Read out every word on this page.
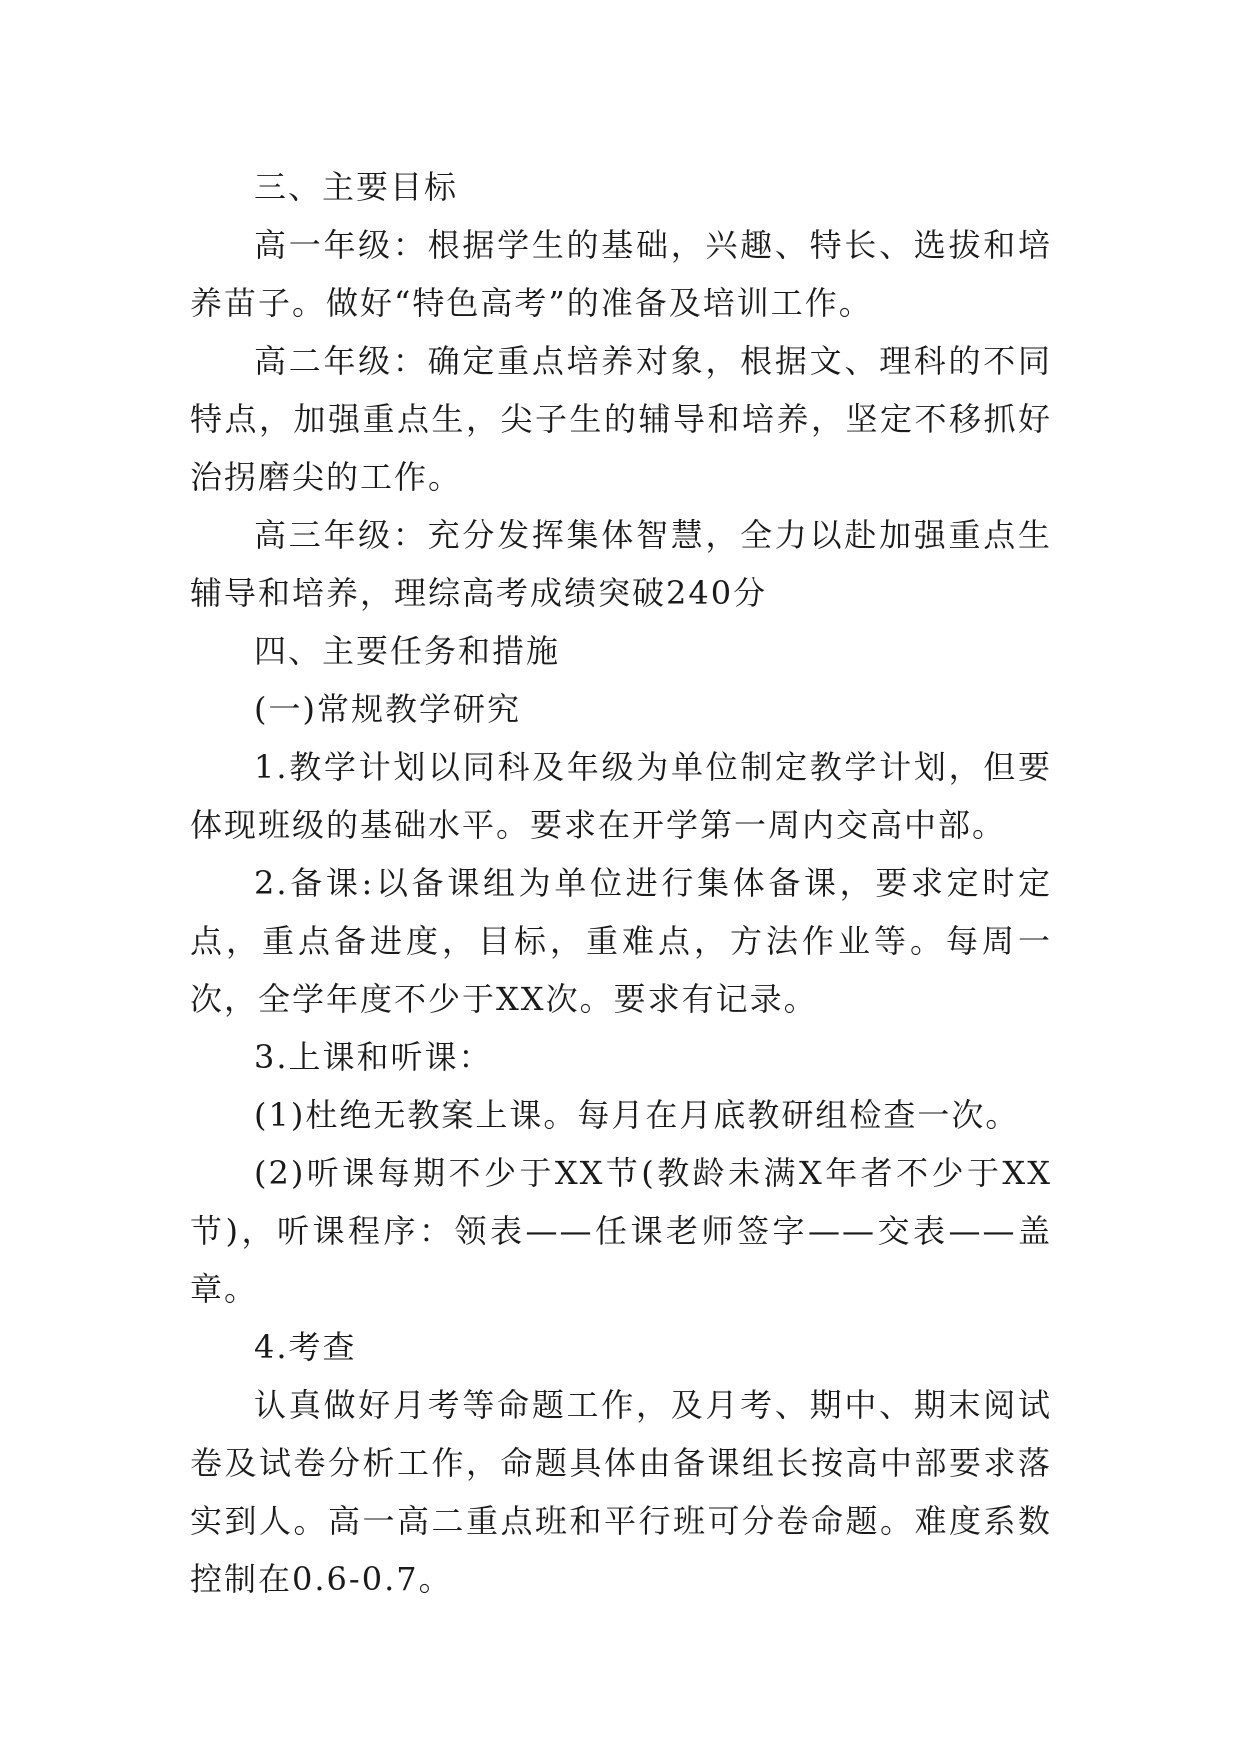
三、主要目标

高一年级：根据学生的基础，兴趣、特长、选拔和培养苗子。做好“特色高考”的准备及培训工作。

高二年级：确定重点培养对象，根据文、理科的不同特点，加强重点生，尖子生的辅导和培养，坚定不移抓好治拐磨尖的工作。

高三年级：充分发挥集体智慧，全力以赴加强重点生辅导和培养，理综高考成绩突破240分

四、主要任务和措施

(一)常规教学研究

1.教学计划以同科及年级为单位制定教学计划，但要体现班级的基础水平。要求在开学第一周内交高中部。

2.备课:以备课组为单位进行集体备课，要求定时定点，重点备进度，目标，重难点，方法作业等。每周一次，全学年度不少于XX次。要求有记录。

3.上课和听课：

(1)杜绝无教案上课。每月在月底教研组检查一次。

(2)听课每期不少于XX节(教龄未满X年者不少于XX节)，听课程序：领表——任课老师签字——交表——盖章。

4.考查

认真做好月考等命题工作，及月考、期中、期末阅试卷及试卷分析工作，命题具体由备课组长按高中部要求落实到人。高一高二重点班和平行班可分卷命题。难度系数控制在0.6-0.7。
